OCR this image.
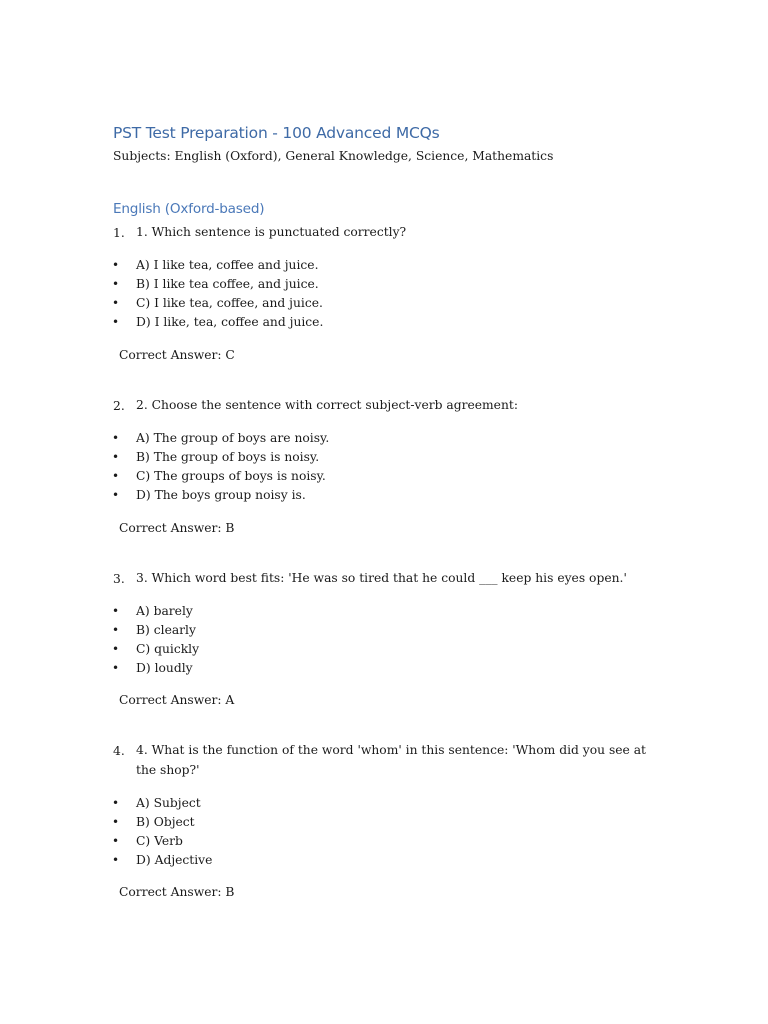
PST Test Preparation - 100 Advanced MCQs

Subjects: English (Oxford), General Knowledge, Science, Mathematics

English (Oxford-based)
1. 1. Which sentence is punctuated correctly?
• A) I like tea, coffee and juice.
• B) I like tea coffee, and juice.
• C) I like tea, coffee, and juice.
• D) I like, tea, coffee and juice.
Correct Answer: C
2. 2. Choose the sentence with correct subject-verb agreement:
• A) The group of boys are noisy.
• B) The group of boys is noisy.
• C) The groups of boys is noisy.
• D) The boys group noisy is.
Correct Answer: B
3. 3. Which word best fits: 'He was so tired that he could ___ keep his eyes open.'
• A) barely
• B) clearly
• C) quickly
• D) loudly
Correct Answer: A
4. 4. What is the function of the word 'whom' in this sentence: 'Whom did you see at the shop?'
• A) Subject
• B) Object
• C) Verb
• D) Adjective
Correct Answer: B
